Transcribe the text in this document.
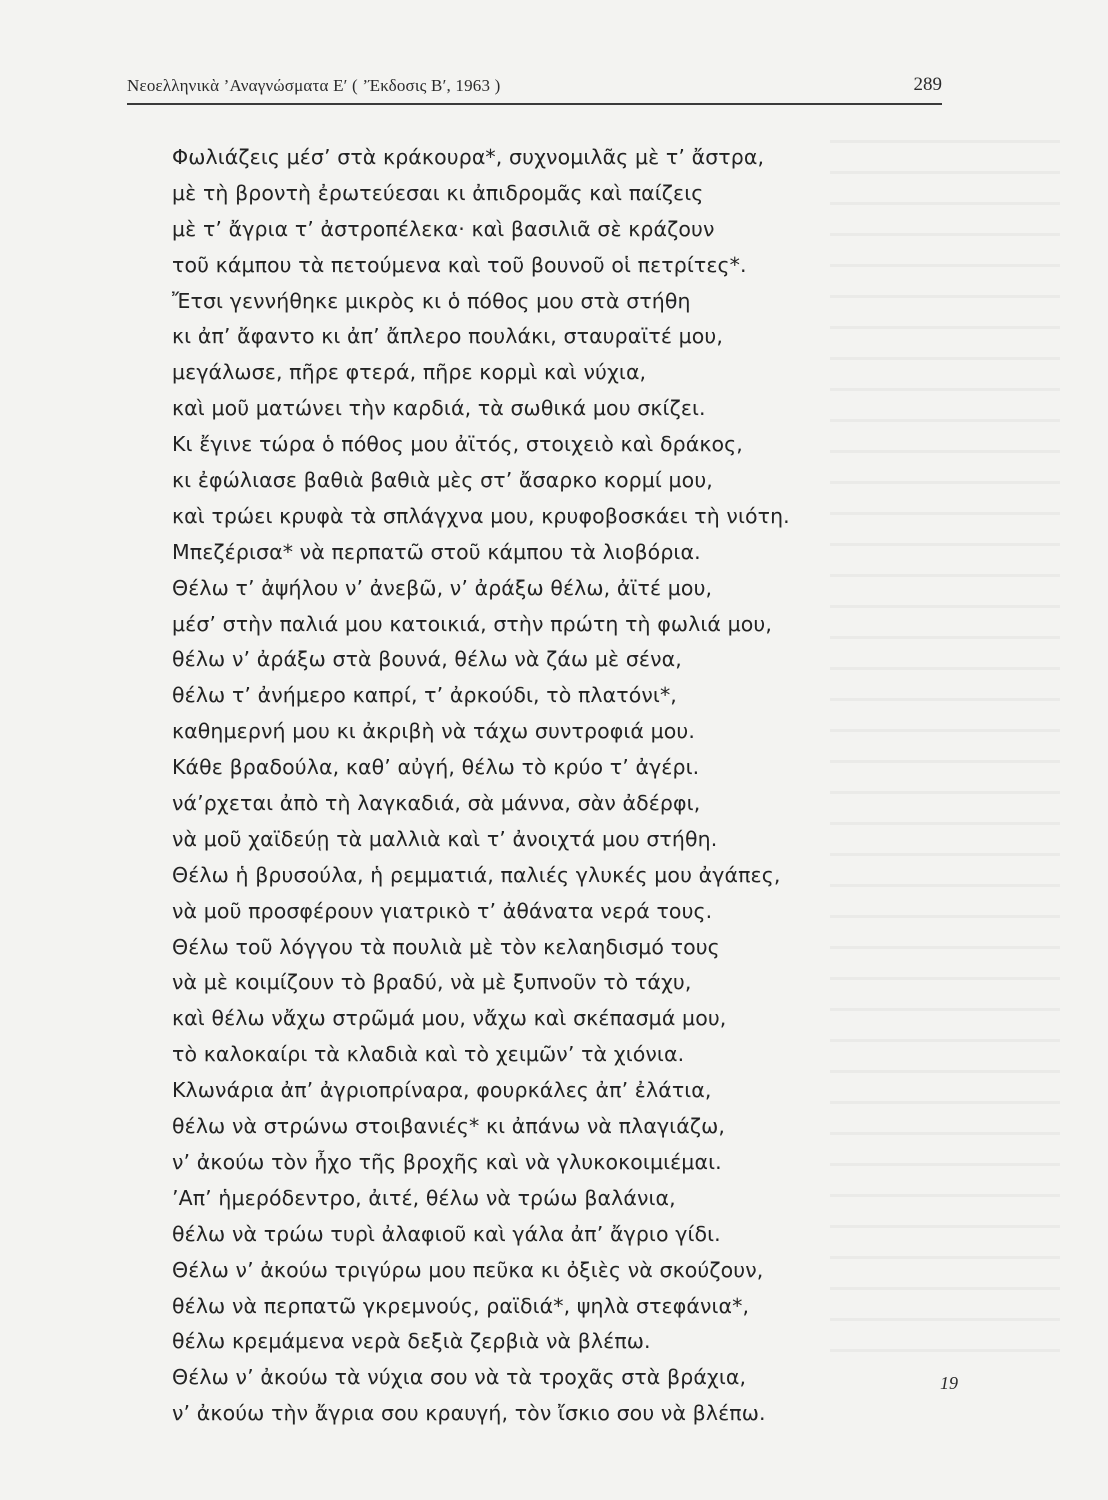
Νεοελληνικὰ ’Αναγνώσματα Ε′ ( ’Έκδοσις Β′, 1963 )	289
Φωλιάζεις μέσ’ στὰ κράκουρα*, συχνομιλᾶς μὲ τ’ ἄστρα,
μὲ τὴ βροντὴ ἐρωτεύεσαι κι ἀπιδρομᾶς καὶ παίζεις
μὲ τ’ ἄγρια τ’ ἀστροπέλεκα· καὶ βασιλιᾶ σὲ κράζουν
τοῦ κάμπου τὰ πετούμενα καὶ τοῦ βουνοῦ οἱ πετρίτες*.
Ἔτσι γεννήθηκε μικρὸς κι ὁ πόθος μου στὰ στήθη
κι ἀπ’ ἄφαντο κι ἀπ’ ἄπλερο πουλάκι, σταυραϊτέ μου,
μεγάλωσε, πῆρε φτερά, πῆρε κορμὶ καὶ νύχια,
καὶ μοῦ ματώνει τὴν καρδιά, τὰ σωθικά μου σκίζει.
Κι ἔγινε τώρα ὁ πόθος μου ἀϊτός, στοιχειὸ καὶ δράκος,
κι ἐφώλιασε βαθιὰ βαθιὰ μὲς στ’ ἄσαρκο κορμί μου,
καὶ τρώει κρυφὰ τὰ σπλάγχνα μου, κρυφοβοσκάει τὴ νιότη.
Μπεζέρισα* νὰ περπατῶ στοῦ κάμπου τὰ λιοβόρια.
Θέλω τ’ ἀψήλου ν’ ἀνεβῶ, ν’ ἀράξω θέλω, ἀϊτέ μου,
μέσ’ στὴν παλιά μου κατοικιά, στὴν πρώτη τὴ φωλιά μου,
θέλω ν’ ἀράξω στὰ βουνά, θέλω νὰ ζάω μὲ σένα,
θέλω τ’ ἀνήμερο καπρί, τ’ ἀρκούδι, τὸ πλατόνι*,
καθημερνή μου κι ἀκριβὴ νὰ τάχω συντροφιά μου.
Κάθε βραδούλα, καθ’ αὐγή, θέλω τὸ κρύο τ’ ἀγέρι.
νά’ρχεται ἀπὸ τὴ λαγκαδιά, σὰ μάννα, σὰν ἀδέρφι,
νὰ μοῦ χαϊδεύῃ τὰ μαλλιὰ καὶ τ’ ἀνοιχτά μου στήθη.
Θέλω ἡ βρυσούλα, ἡ ρεμματιά, παλιές γλυκές μου ἀγάπες,
νὰ μοῦ προσφέρουν γιατρικὸ τ’ ἀθάνατα νερά τους.
Θέλω τοῦ λόγγου τὰ πουλιὰ μὲ τὸν κελαηδισμό τους
νὰ μὲ κοιμίζουν τὸ βραδύ, νὰ μὲ ξυπνοῦν τὸ τάχυ,
καὶ θέλω νἄχω στρῶμά μου, νἄχω καὶ σκέπασμά μου,
τὸ καλοκαίρι τὰ κλαδιὰ καὶ τὸ χειμῶν’ τὰ χιόνια.
Κλωνάρια ἀπ’ ἀγριοπρίναρα, φουρκάλες ἀπ’ ἐλάτια,
θέλω νὰ στρώνω στοιβανιές* κι ἀπάνω νὰ πλαγιάζω,
ν’ ἀκούω τὸν ἦχο τῆς βροχῆς καὶ νὰ γλυκοκοιμιέμαι.
’Απ’ ἡμερόδεντρο, ἀιτέ, θέλω νὰ τρώω βαλάνια,
θέλω νὰ τρώω τυρὶ ἀλαφιοῦ καὶ γάλα ἀπ’ ἄγριο γίδι.
Θέλω ν’ ἀκούω τριγύρω μου πεῦκα κι ὀξιὲς νὰ σκούζουν,
θέλω νὰ περπατῶ γκρεμνούς, ραϊδιά*, ψηλὰ στεφάνια*,
θέλω κρεμάμενα νερὰ δεξιὰ ζερβιὰ νὰ βλέπω.
Θέλω ν’ ἀκούω τὰ νύχια σου νὰ τὰ τροχᾶς στὰ βράχια,
ν’ ἀκούω τὴν ἄγρια σου κραυγή, τὸν ἴσκιο σου νὰ βλέπω.
19
